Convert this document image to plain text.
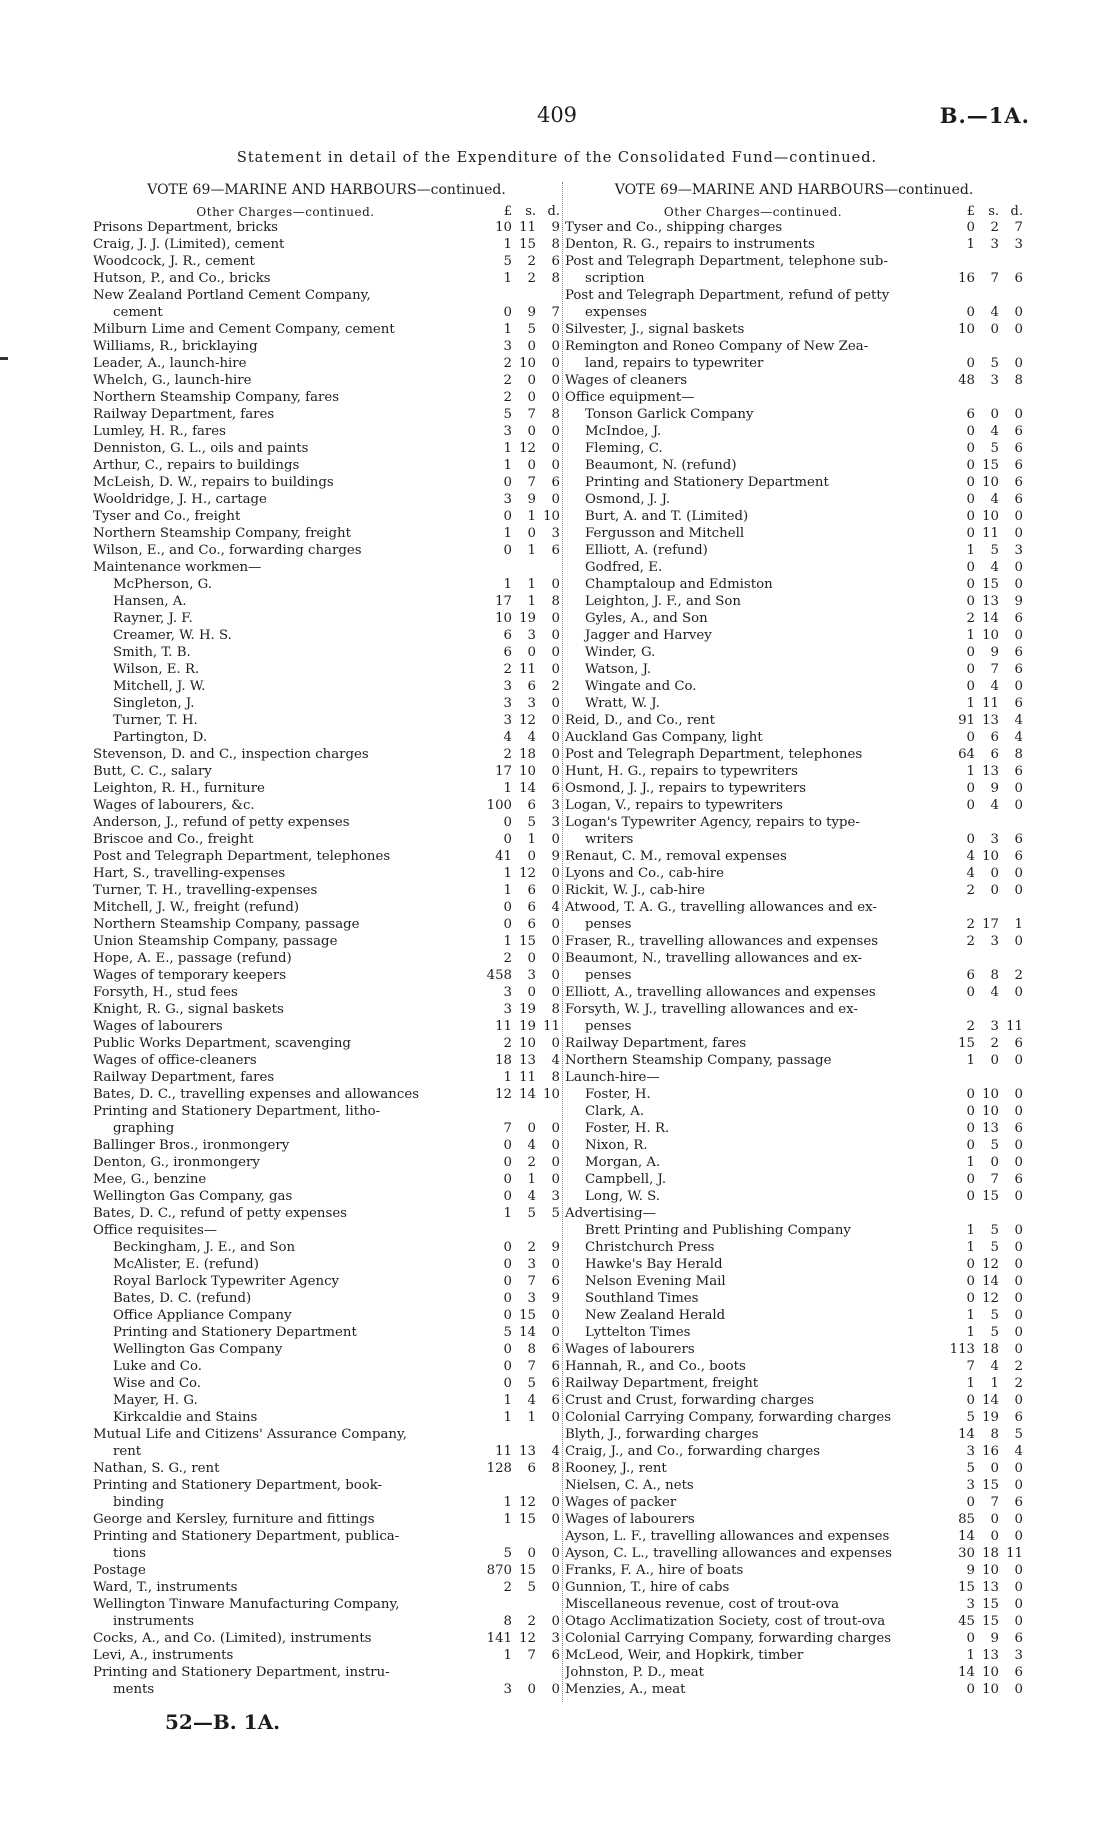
409	B.—1A.
Statement in detail of the Expenditure of the Consolidated Fund—continued.
VOTE 69—MARINE AND HARBOURS—continued.
Other Charges—continued.	£	s. d.
Prisons Department, bricks	10 11	9
Craig, J. J. (Limited), cement	1 15	8
Woodcock, J. R., cement	5	2	6
Hutson, P., and Co., bricks	1	2	8
New Zealand Portland Cement Company,
cement	0	9	7
Milburn Lime and Cement Company, cement	1	5	0
Williams, R., bricklaying	3	0	0
Leader, A., launch-hire	2 10	0
Whelch, G., launch-hire	2	0	0
Northern Steamship Company, fares	2	0	0
Railway Department, fares	5	7	8
Lumley, H. R., fares	3	0	0
Denniston, G. L., oils and paints	1 12	0
Arthur, C., repairs to buildings	1	0	0
McLeish, D. W., repairs to buildings	0	7	6
Wooldridge, J. H., cartage	3	9	0
Tyser and Co., freight	0	1 10
Northern Steamship Company, freight	1	0	3
Wilson, E., and Co., forwarding charges	0	1	6
Maintenance workmen—
McPherson, G.	1	1	0
Hansen, A.	17	1	8
Rayner, J. F.	10 19	0
Creamer, W. H. S.	6	3	0
Smith, T. B.	6	0	0
Wilson, E. R.	2 11	0
Mitchell, J. W.	3	6	2
Singleton, J.	3	3	0
Turner, T. H.	3 12	0
Partington, D.	4	4	0
Stevenson, D. and C., inspection charges	2 18	0
Butt, C. C., salary	17 10	0
Leighton, R. H., furniture	1 14	6
Wages of labourers, &c.	100	6	3
Anderson, J., refund of petty expenses	0	5	3
Briscoe and Co., freight	0	1	0
Post and Telegraph Department, telephones	41	0	9
Hart, S., travelling-expenses	1 12	0
Turner, T. H., travelling-expenses	1	6	0
Mitchell, J. W., freight (refund)	0	6	4
Northern Steamship Company, passage	0	6	0
Union Steamship Company, passage	1 15	0
Hope, A. E., passage (refund)	2	0	0
Wages of temporary keepers	458	3	0
Forsyth, H., stud fees	3	0	0
Knight, R. G., signal baskets	3 19	8
Wages of labourers	11 19 11
Public Works Department, scavenging	2 10	0
Wages of office-cleaners	18 13	4
Railway Department, fares	1 11	8
Bates, D. C., travelling expenses and allowances	12 14 10
Printing and Stationery Department, litho-
graphing	7	0	0
Ballinger Bros., ironmongery	0	4	0
Denton, G., ironmongery	0	2	0
Mee, G., benzine	0	1	0
Wellington Gas Company, gas	0	4	3
Bates, D. C., refund of petty expenses	1	5	5
Office requisites—
Beckingham, J. E., and Son	0	2	9
McAlister, E. (refund)	0	3	0
Royal Barlock Typewriter Agency	0	7	6
Bates, D. C. (refund)	0	3	9
Office Appliance Company	0 15	0
Printing and Stationery Department	5 14	0
Wellington Gas Company	0	8	6
Luke and Co.	0	7	6
Wise and Co.	0	5	6
Mayer, H. G.	1	4	6
Kirkcaldie and Stains	1	1	0
Mutual Life and Citizens' Assurance Company,
rent	11 13	4
Nathan, S. G., rent	128	6	8
Printing and Stationery Department, book-
binding	1 12	0
George and Kersley, furniture and fittings	1 15	0
Printing and Stationery Department, publica-
tions	5	0	0
Postage	870 15	0
Ward, T., instruments	2	5	0
Wellington Tinware Manufacturing Company,
instruments	8	2	0
Cocks, A., and Co. (Limited), instruments	141 12	3
Levi, A., instruments	1	7	6
Printing and Stationery Department, instru-
ments	3	0	0
VOTE 69—MARINE AND HARBOURS—continued.
Other Charges—continued.	£	s. d.
Tyser and Co., shipping charges	0	2	7
Denton, R. G., repairs to instruments	1	3	3
Post and Telegraph Department, telephone sub-
scription	16	7	6
Post and Telegraph Department, refund of petty
expenses	0	4	0
Silvester, J., signal baskets	10	0	0
Remington and Roneo Company of New Zea-
land, repairs to typewriter	0	5	0
Wages of cleaners	48	3	8
Office equipment—
Tonson Garlick Company	6	0	0
McIndoe, J.	0	4	6
Fleming, C.	0	5	6
Beaumont, N. (refund)	0 15	6
Printing and Stationery Department	0 10	6
Osmond, J. J.	0	4	6
Burt, A. and T. (Limited)	0 10	0
Fergusson and Mitchell	0 11	0
Elliott, A. (refund)	1	5	3
Godfred, E.	0	4	0
Champtaloup and Edmiston	0 15	0
Leighton, J. F., and Son	0 13	9
Gyles, A., and Son	2 14	6
Jagger and Harvey	1 10	0
Winder, G.	0	9	6
Watson, J.	0	7	6
Wingate and Co.	0	4	0
Wratt, W. J.	1 11	6
Reid, D., and Co., rent	91 13	4
Auckland Gas Company, light	0	6	4
Post and Telegraph Department, telephones	64	6	8
Hunt, H. G., repairs to typewriters	1 13	6
Osmond, J. J., repairs to typewriters	0	9	0
Logan, V., repairs to typewriters	0	4	0
Logan's Typewriter Agency, repairs to type-
writers	0	3	6
Renaut, C. M., removal expenses	4 10	6
Lyons and Co., cab-hire	4	0	0
Rickit, W. J., cab-hire	2	0	0
Atwood, T. A. G., travelling allowances and ex-
penses	2 17	1
Fraser, R., travelling allowances and expenses	2	3	0
Beaumont, N., travelling allowances and ex-
penses	6	8	2
Elliott, A., travelling allowances and expenses	0	4	0
Forsyth, W. J., travelling allowances and ex-
penses	2	3 11
Railway Department, fares	15	2	6
Northern Steamship Company, passage	1	0	0
Launch-hire—
Foster, H.	0 10	0
Clark, A.	0 10	0
Foster, H. R.	0 13	6
Nixon, R.	0	5	0
Morgan, A.	1	0	0
Campbell, J.	0	7	6
Long, W. S.	0 15	0
Advertising—
Brett Printing and Publishing Company	1	5	0
Christchurch Press	1	5	0
Hawke's Bay Herald	0 12	0
Nelson Evening Mail	0 14	0
Southland Times	0 12	0
New Zealand Herald	1	5	0
Lyttelton Times	1	5	0
Wages of labourers	113 18	0
Hannah, R., and Co., boots	7	4	2
Railway Department, freight	1	1	2
Crust and Crust, forwarding charges	0 14	0
Colonial Carrying Company, forwarding charges	5 19	6
Blyth, J., forwarding charges	14	8	5
Craig, J., and Co., forwarding charges	3 16	4
Rooney, J., rent	5	0	0
Nielsen, C. A., nets	3 15	0
Wages of packer	0	7	6
Wages of labourers	85	0	0
Ayson, L. F., travelling allowances and expenses	14	0	0
Ayson, C. L., travelling allowances and expenses	30 18 11
Franks, F. A., hire of boats	9 10	0
Gunnion, T., hire of cabs	15 13	0
Miscellaneous revenue, cost of trout-ova	3 15	0
Otago Acclimatization Society, cost of trout-ova	45 15	0
Colonial Carrying Company, forwarding charges	0	9	6
McLeod, Weir, and Hopkirk, timber	1 13	3
Johnston, P. D., meat	14 10	6
Menzies, A., meat	0 10	0
52—B. 1A.
